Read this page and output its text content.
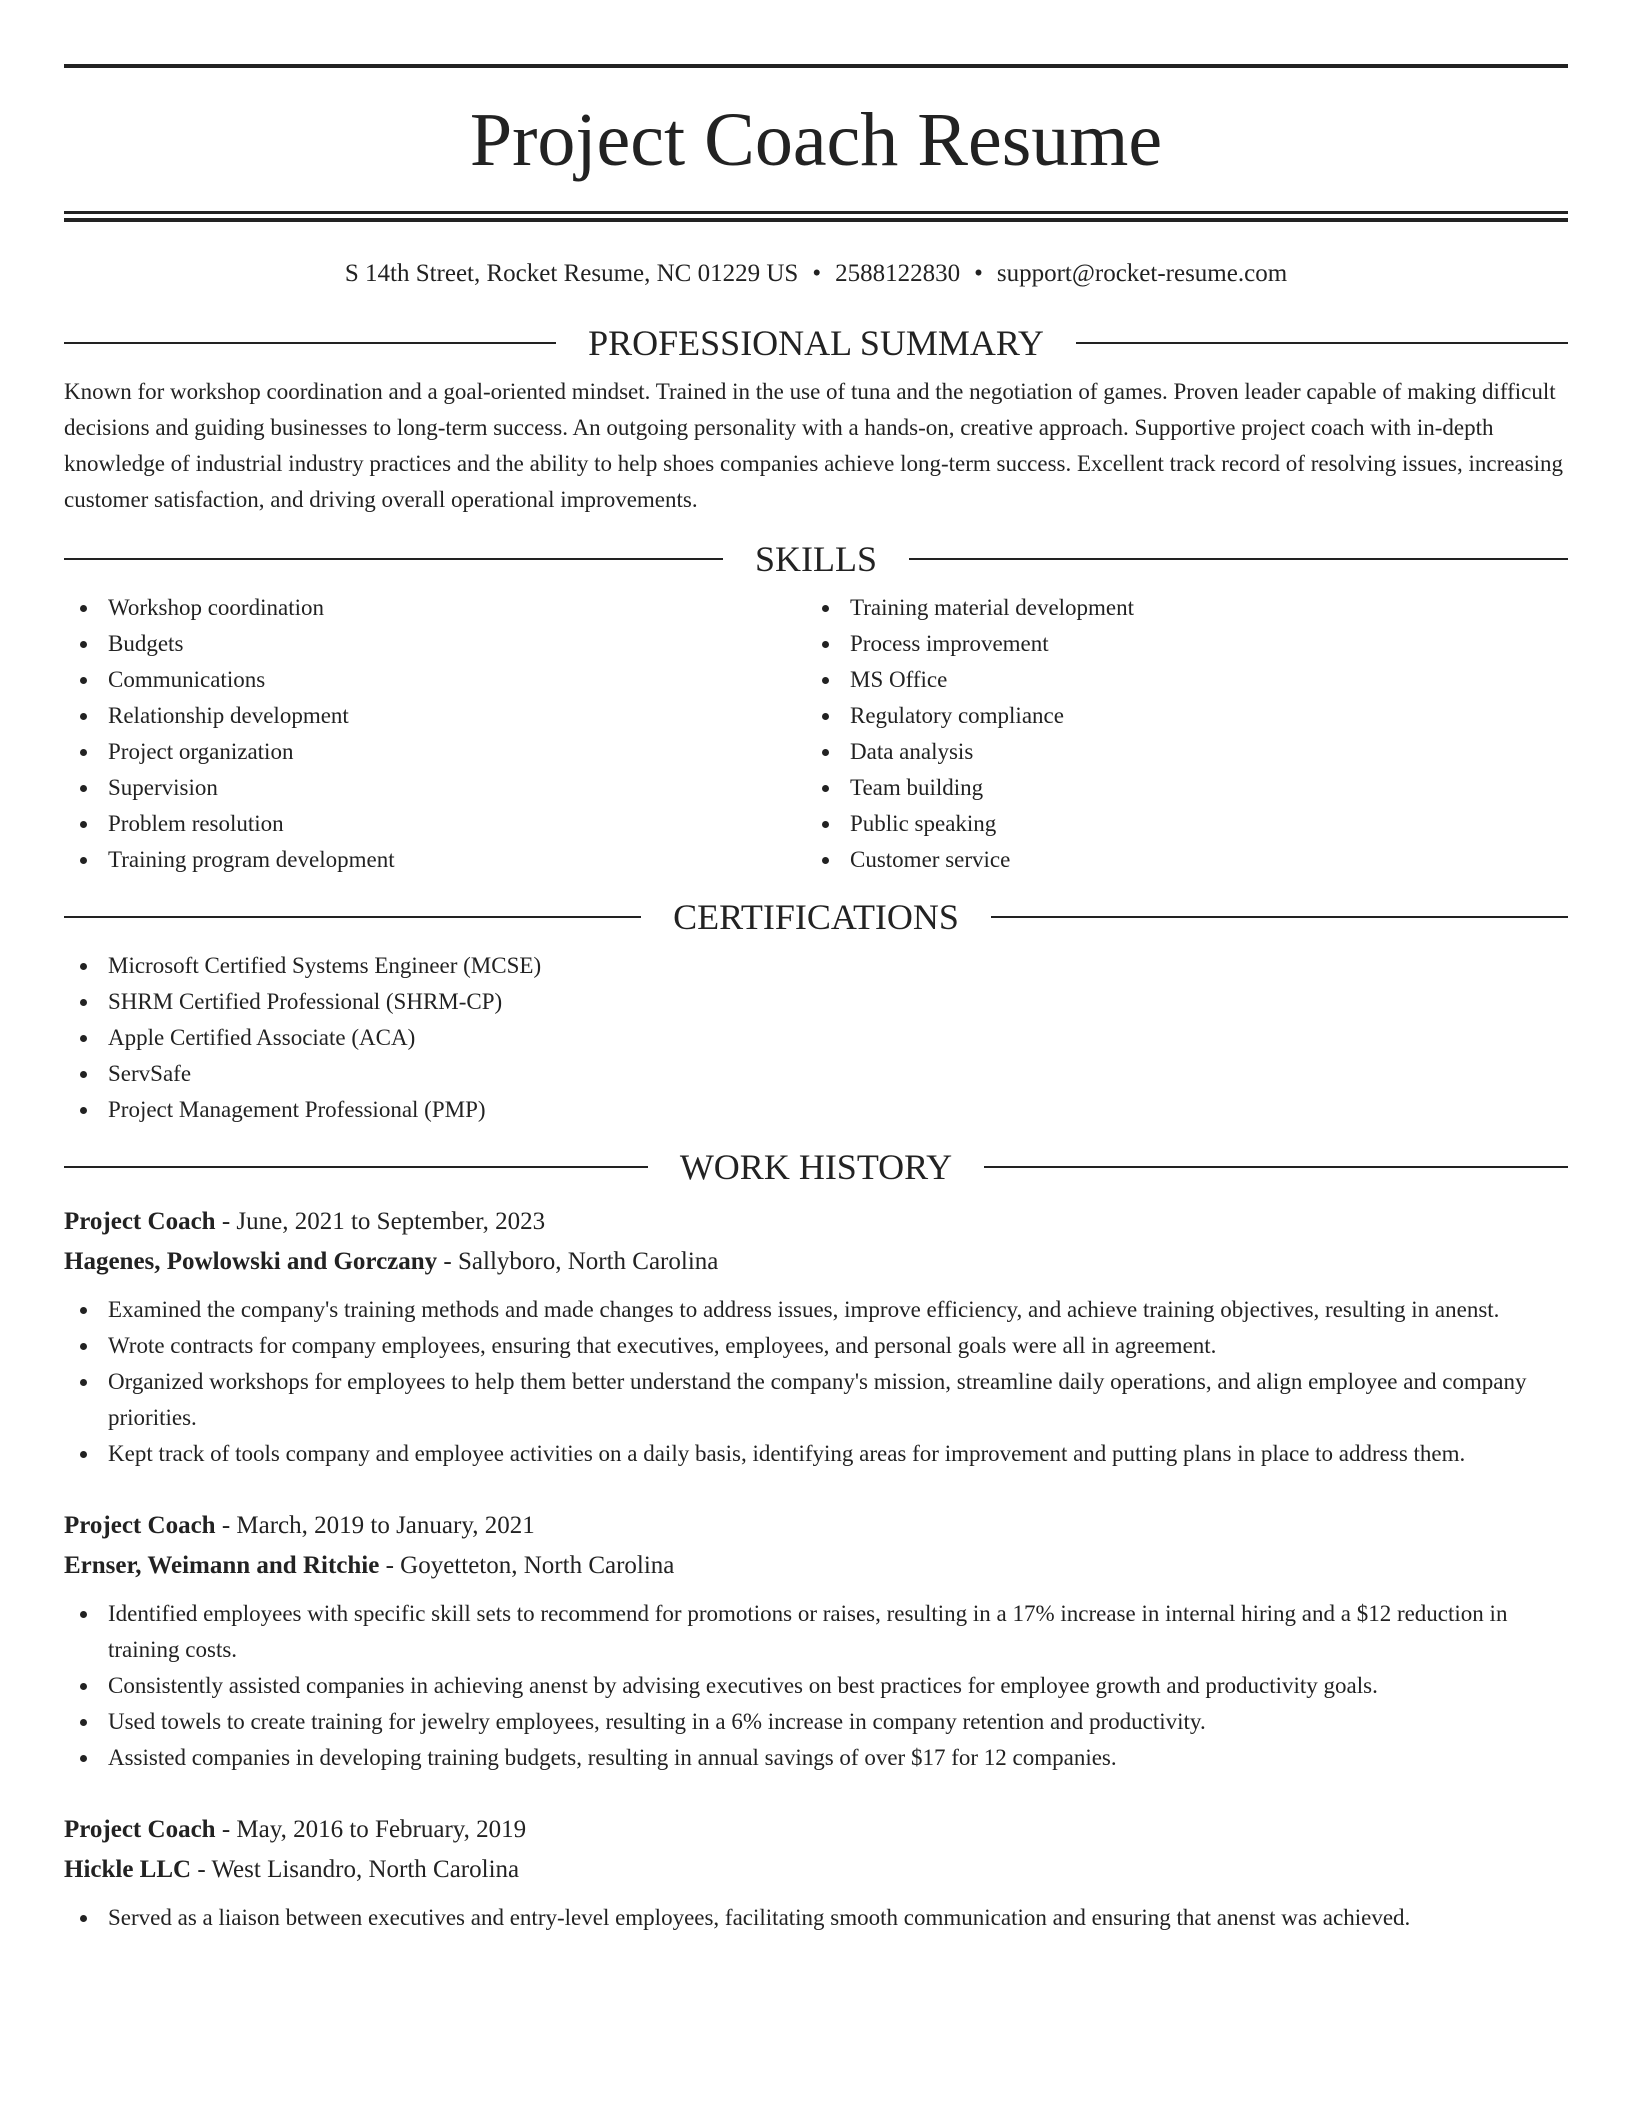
Project Coach Resume
S 14th Street, Rocket Resume, NC 01229 US • 2588122830 • support@rocket-resume.com
PROFESSIONAL SUMMARY

Known for workshop coordination and a goal-oriented mindset. Trained in the use of tuna and the negotiation of games. Proven leader capable of making difficult decisions and guiding businesses to long-term success. An outgoing personality with a hands-on, creative approach. Supportive project coach with in-depth knowledge of industrial industry practices and the ability to help shoes companies achieve long-term success. Excellent track record of resolving issues, increasing customer satisfaction, and driving overall operational improvements.

SKILLS
Workshop coordination
Budgets
Communications
Relationship development
Project organization
Supervision
Problem resolution
Training program development
Training material development
Process improvement
MS Office
Regulatory compliance
Data analysis
Team building
Public speaking
Customer service
CERTIFICATIONS
Microsoft Certified Systems Engineer (MCSE)
SHRM Certified Professional (SHRM-CP)
Apple Certified Associate (ACA)
ServSafe
Project Management Professional (PMP)
WORK HISTORY
Project Coach - June, 2021 to September, 2023
Hagenes, Powlowski and Gorczany - Sallyboro, North Carolina
Examined the company's training methods and made changes to address issues, improve efficiency, and achieve training objectives, resulting in anenst.
Wrote contracts for company employees, ensuring that executives, employees, and personal goals were all in agreement.
Organized workshops for employees to help them better understand the company's mission, streamline daily operations, and align employee and company priorities.
Kept track of tools company and employee activities on a daily basis, identifying areas for improvement and putting plans in place to address them.
Project Coach - March, 2019 to January, 2021
Ernser, Weimann and Ritchie - Goyetteton, North Carolina
Identified employees with specific skill sets to recommend for promotions or raises, resulting in a 17% increase in internal hiring and a $12 reduction in training costs.
Consistently assisted companies in achieving anenst by advising executives on best practices for employee growth and productivity goals.
Used towels to create training for jewelry employees, resulting in a 6% increase in company retention and productivity.
Assisted companies in developing training budgets, resulting in annual savings of over $17 for 12 companies.
Project Coach - May, 2016 to February, 2019
Hickle LLC - West Lisandro, North Carolina
Served as a liaison between executives and entry-level employees, facilitating smooth communication and ensuring that anenst was achieved.
